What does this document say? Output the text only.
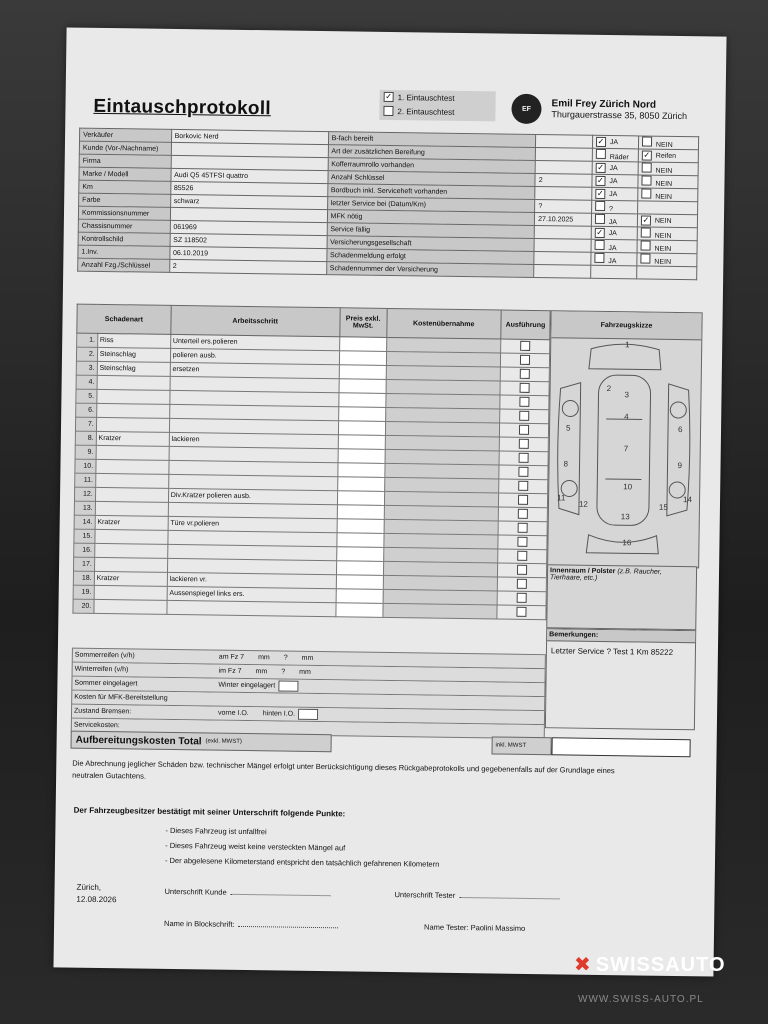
Eintauschprotokoll	✓ 1. Eintauschtest
2. Eintauschtest	EF	Emil Frey Zürich Nord
Thurgauerstrasse 35, 8050 Zürich
Verkäufer	Borkovic Nerd	B-fach bereift		✓ JA	NEIN
Kunde (Vor-/Nachname)		Art der zusätzlichen Bereifung		Räder	✓ Reifen
Firma		Kofferraumrollo vorhanden		✓ JA	NEIN
Marke / Modell	Audi Q5 45TFSI quattro	Anzahl Schlüssel	2	✓ JA	NEIN
Km	85526	Bordbuch inkl. Serviceheft vorhanden		✓ JA	NEIN
Farbe	schwarz	letzter Service bei (Datum/Km)	?	?	
Kommissionsnummer		MFK nötig	27.10.2025	JA	✓ NEIN
Chassisnummer	061969	Service fällig		✓ JA	NEIN
Kontrollschild	SZ 118502	Versicherungsgesellschaft		JA	NEIN
1.Inv.	06.10.2019	Schadenmeldung erfolgt		JA	NEIN
Anzahl Fzg./Schlüssel	2	Schadennummer der Versicherung			
Schadenart		Arbeitsschritt	Preis exkl. MwSt.	Kostenübernahme	Ausführung
1.	Riss	Unterteil ers.polieren			
2.	Steinschlag	polieren ausb.			
3.	Steinschlag	ersetzen			
4.					
5.					
6.					
7.					
8.	Kratzer	lackieren			
9.					
10.					
11.					
12.		Div.Kratzer polieren ausb.			
13.					
14.	Kratzer	Türe vr.polieren			
15.					
16.					
17.					
18.	Kratzer	lackieren vr.			
19.		Aussenspiegel links ers.			
20.					
Fahrzeugskizze
1
2
3
4
5	6
7
8	9
10
11
12
13
14
15
16
Innenraum / Polster (z.B. Raucher, Tierhaare, etc.)
Bemerkungen:
Letzter Service ? Test 1 Km 85222
Sommerreifen (v/h)	am Fz 7 mm ? mm
Winterreifen (v/h)	im Fz 7 mm ? mm
Sommer eingelagert	Winter eingelagert
Kosten für MFK-Bereitstellung
Zustand Bremsen:	vorne I.O. hinten I.O.
Servicekosten:
Aufbereitungskosten Total (exkl. MWST)
inkl. MWST
Die Abrechnung jeglicher Schäden bzw. technischer Mängel erfolgt unter Berücksichtigung dieses Rückgabeprotokolls und gegebenenfalls auf der Grundlage eines neutralen Gutachtens.
Der Fahrzeugbesitzer bestätigt mit seiner Unterschrift folgende Punkte:
- Dieses Fahrzeug ist unfallfrei
- Dieses Fahrzeug weist keine versteckten Mängel auf
- Der abgelesene Kilometerstand entspricht den tatsächlich gefahrenen Kilometern
Zürich,
12.08.2026
Unterschrift Kunde	Unterschrift Tester
Name in Blockschrift:	Name Tester: Paolini Massimo
✖ SWISSAUTO
WWW.SWISS-AUTO.PL
